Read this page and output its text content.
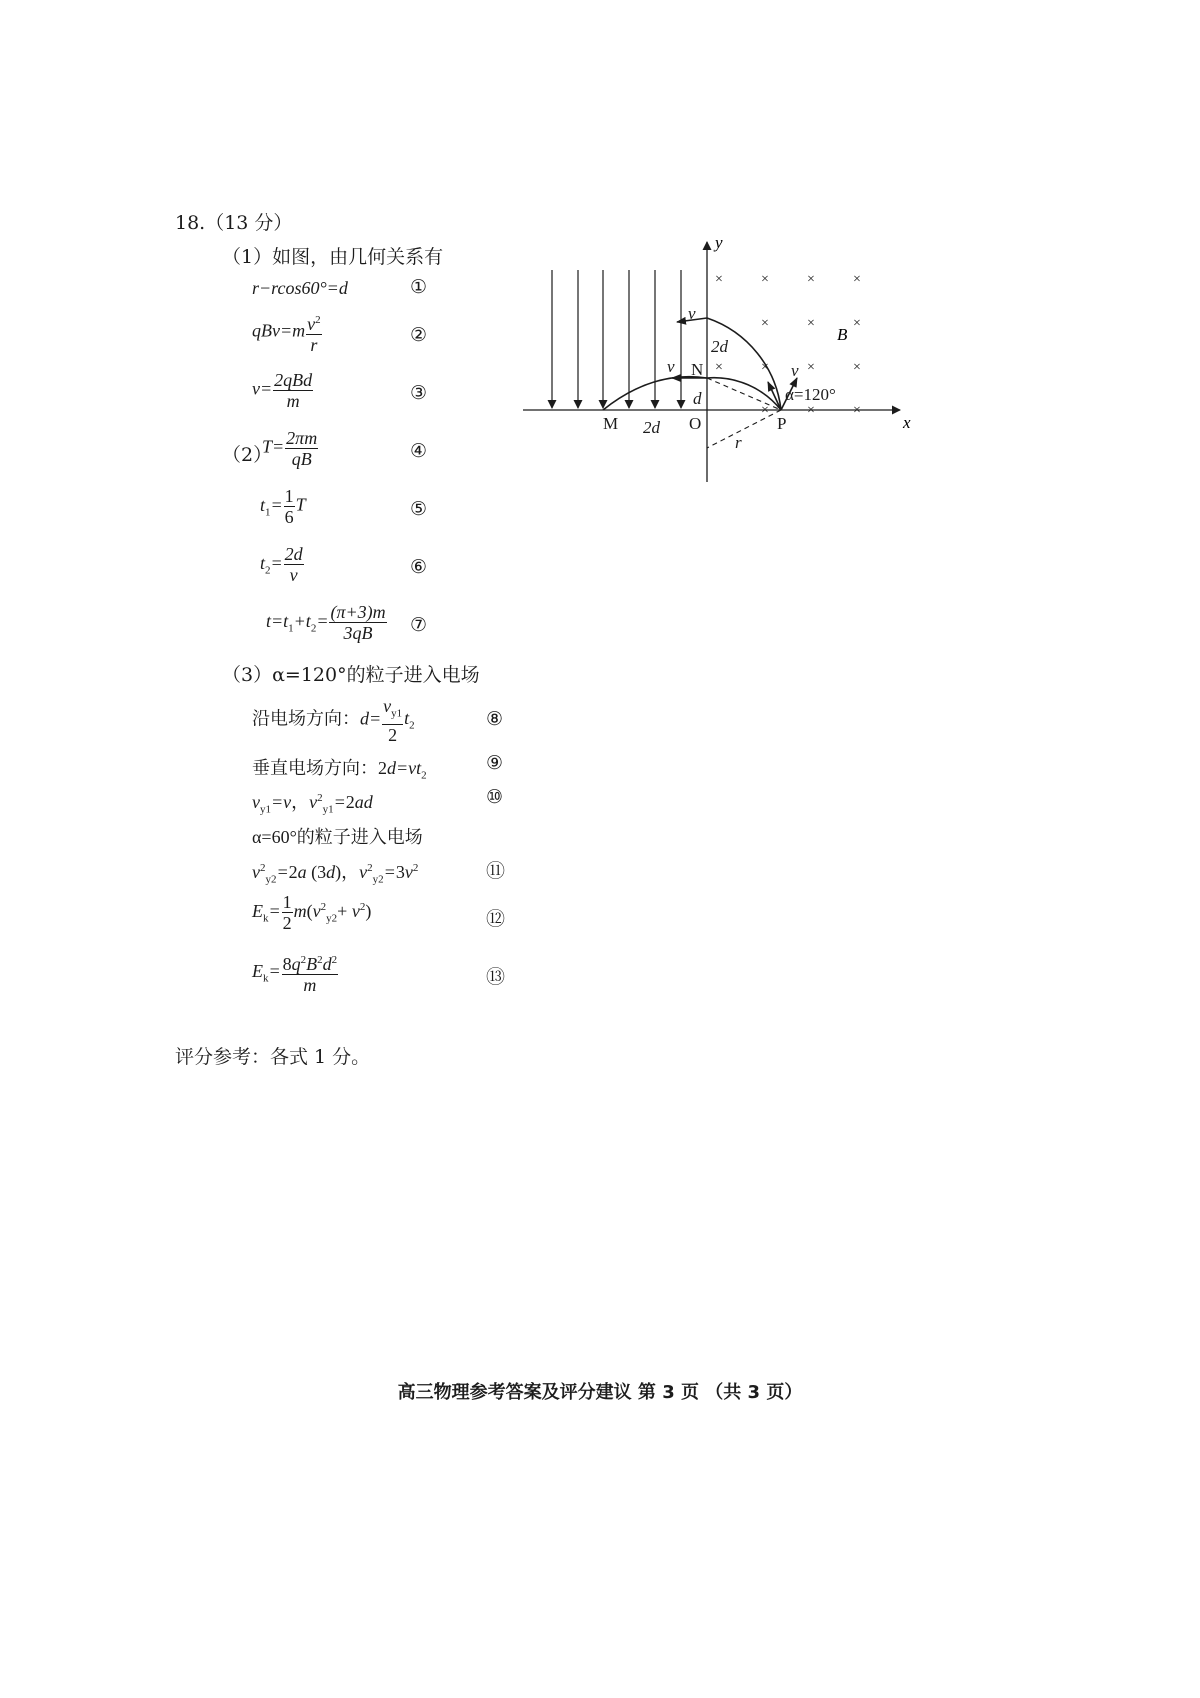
18.（13 分）
（1）如图，由几何关系有
r−rcos60°=d	①
$qBv=m \frac{v^2}{r}$	②
$v= \frac{\text{2qBd}}{m}$	③
（2）
$T= \frac{2\pi m}{qB}$	④
$t_1= \frac{1}{6}$ T	⑤
$t_2= \frac{2d}{v}$	⑥
$t=t_1+t_2= \frac{(\pi+3)m}{3qB}$ ⑦
（3）α=120°的粒子进入电场
沿电场方向：$d= \frac{v_{y1}}{2} t_2$	⑧
垂直电场方向：$2d=vt_2$
⑨
$v_{y1}=v$，$v^2_{y1}=2ad$	⑩
α=60°的粒子进入电场
$v^2_{y2}=2a$ (3d)，$v^2_{y2}=3v^2$	⑪
$E_k= \frac{1}{2} m(v^2_{y2}+ v^2)$	⑫
$E_k= \frac{8q^2B^2d^2}{m}$	⑬
评分参考：各式 1 分。
高三物理参考答案及评分建议 第 3 页 （共 3 页）
x
y
×	×	×	×
×	×	×
×	×	×	×
×	×	×
B
M	O	P
N
v
v	v
2d
2d
d
r
α=120°
